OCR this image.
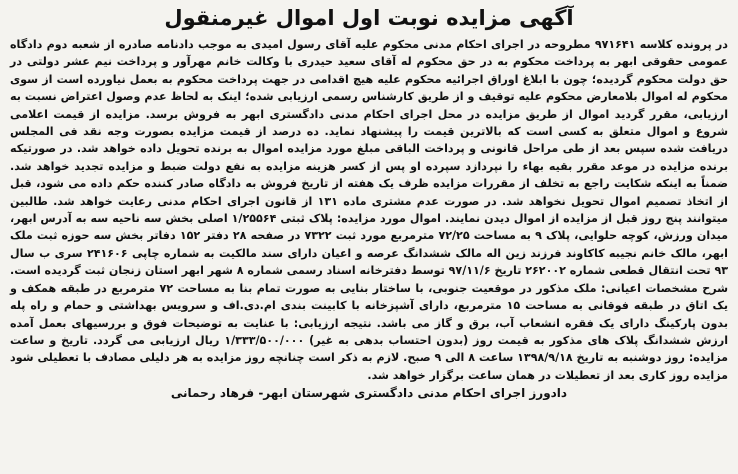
آگهی مزایده نوبت اول اموال غیرمنقول
در پرونده کلاسه ۹۷۱۶۴۱ مطروحه در اجرای احکام مدنی محکوم علیه آقای رسول امیدی به موجب دادنامه صادره از شعبه دوم دادگاه عمومی حقوقی ابهر به پرداخت محکوم به در حق محکوم له آقای سعید حیدری با وکالت خانم مهرآور و پرداخت نیم عشر دولتی در حق دولت محکوم گردیده؛ چون با ابلاغ اوراق اجرائیه محکوم علیه هیچ اقدامی در جهت پرداخت محکوم به بعمل نیاورده است از سوی محکوم له اموال بلامعارض محکوم علیه توقیف و از طریق کارشناس رسمی ارزیابی شده؛ اینک به لحاظ عدم وصول اعتراض نسبت به ارزیابی، مقرر گردید اموال از طریق مزایده در محل اجرای احکام مدنی دادگستری ابهر به فروش برسد. مزایده از قیمت اعلامی شروع و اموال متعلق به کسی است که بالاترین قیمت را پیشنهاد نماید. ده درصد از قیمت مزایده بصورت وجه نقد فی المجلس دریافت شده سپس بعد از طی مراحل قانونی و پرداخت الباقی مبلغ مورد مزایده اموال به برنده تحویل داده خواهد شد. در صورتیکه برنده مزایده در موعد مقرر بقیه بهاء را نپردازد سپرده او پس از کسر هزینه مزایده به نفع دولت ضبط و مزایده تجدید خواهد شد. ضمناً به اینکه شکایت راجع به تخلف از مقررات مزایده ظرف یک هفته از تاریخ فروش به دادگاه صادر کننده حکم داده می شود، قبل از اتخاذ تصمیم اموال تحویل نخواهد شد. در صورت عدم مشتری ماده ۱۳۱ از قانون اجرای احکام مدنی رعایت خواهد شد. طالبین میتوانند پنج روز قبل از مزایده از اموال دیدن نمایند. اموال مورد مزایده: پلاک ثبتی ۱/۲۵۵۶۴ اصلی بخش سه ناحیه سه به آدرس ابهر، میدان ورزش، کوچه حلوایی، پلاک ۹ به مساحت ۷۲/۲۵ مترمربع مورد ثبت ۷۳۲۲ در صفحه ۲۸ دفتر ۱۵۲ دفاتر بخش سه حوزه ثبت ملک ابهر، مالک خانم نجیبه کاکاوند فرزند زین اله مالک ششدانگ عرصه و اعیان دارای سند مالکیت به شماره چاپی ۲۴۱۶۰۶ سری ب سال ۹۳ تحت انتقال قطعی شماره ۲۶۲۰۰۲ تاریخ ۹۷/۱۱/۶ توسط دفترخانه اسناد رسمی شماره ۸ شهر ابهر استان زنجان ثبت گردیده است. شرح مشخصات اعیانی: ملک مذکور در موقعیت جنوبی، با ساختار بنایی به صورت تمام بنا به مساحت ۷۲ مترمربع در طبقه همکف و یک اتاق در طبقه فوقانی به مساحت ۱۵ مترمربع، دارای آشپزخانه با کابینت بندی ام.دی.اف و سرویس بهداشتی و حمام و راه پله بدون پارکینگ دارای یک فقره انشعاب آب، برق و گاز می باشد. نتیجه ارزیابی: با عنایت به توضیحات فوق و بررسیهای بعمل آمده ارزش ششدانگ پلاک های مذکور به قیمت روز (بدون احتساب بدهی به غیر) ۱/۳۳۳/۵۰۰/۰۰۰ ریال ارزیابی می گردد. تاریخ و ساعت مزایده: روز دوشنبه به تاریخ ۱۳۹۸/۹/۱۸ ساعت ۸ الی ۹ صبح. لازم به ذکر است چنانچه روز مزایده به هر دلیلی مصادف با تعطیلی شود مزایده روز کاری بعد از تعطیلات در همان ساعت برگزار خواهد شد.
دادورز اجرای احکام مدنی دادگستری شهرستان ابهر- فرهاد رحمانی
